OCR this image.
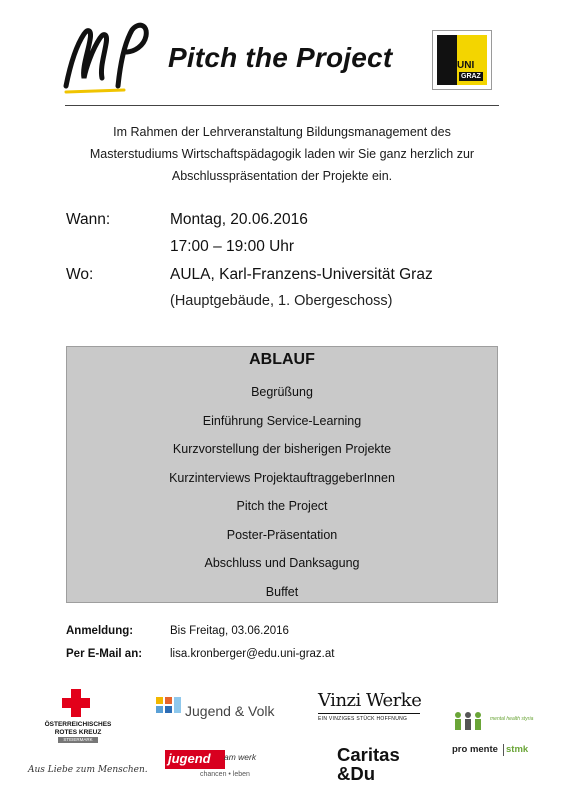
Pitch the Project	UNI
GRAZ
Im Rahmen der Lehrveranstaltung Bildungsmanagement des
Masterstudiums Wirtschaftspädagogik laden wir Sie ganz herzlich zur
Abschlusspräsentation der Projekte ein.
Wann:	Montag, 20.06.2016
17:00 – 19:00 Uhr
Wo:	AULA, Karl-Franzens-Universität Graz
(Hauptgebäude, 1. Obergeschoss)
ABLAUF
Begrüßung
Einführung Service-Learning
Kurzvorstellung der bisherigen Projekte
Kurzinterviews ProjektauftraggeberInnen
Pitch the Project
Poster-Präsentation
Abschluss und Danksagung
Buffet
Anmeldung:	Bis Freitag, 03.06.2016
Per E-Mail an: lisa.kronberger@edu.uni-graz.at
ÖSTERREICHISCHES
ROTES KREUZ
STEIERMARK
Aus Liebe zum Menschen.
Jugend & Volk
jugend am werk
chancen • leben
Vinzi Werke
EIN VINZIGES STÜCK HOFFNUNG
Caritas
&Du
mental health styria
pro mente stmk
